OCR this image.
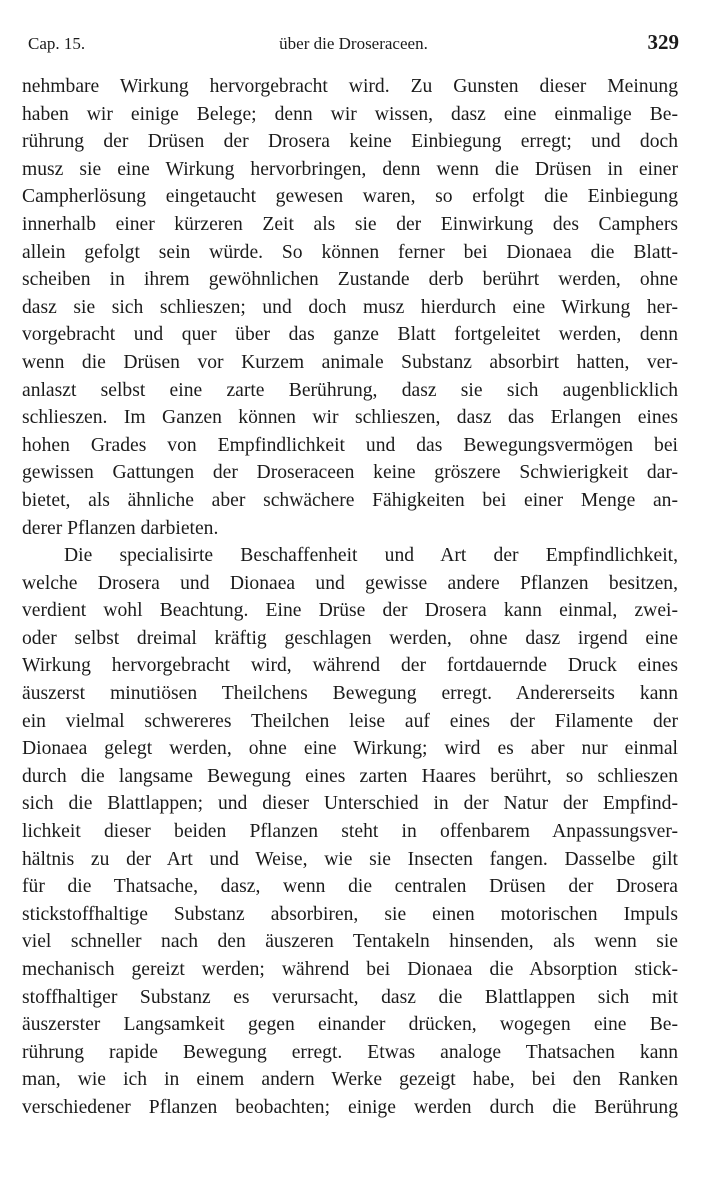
Cap. 15.	über die Droseraceen.	329
nehmbare Wirkung hervorgebracht wird. Zu Gunsten dieser Meinung
haben wir einige Belege; denn wir wissen, dasz eine einmalige Be-
rührung der Drüsen der Drosera keine Einbiegung erregt; und doch
musz sie eine Wirkung hervorbringen, denn wenn die Drüsen in einer
Campherlösung eingetaucht gewesen waren, so erfolgt die Einbiegung
innerhalb einer kürzeren Zeit als sie der Einwirkung des Camphers
allein gefolgt sein würde. So können ferner bei Dionaea die Blatt-
scheiben in ihrem gewöhnlichen Zustande derb berührt werden, ohne
dasz sie sich schlieszen; und doch musz hierdurch eine Wirkung her-
vorgebracht und quer über das ganze Blatt fortgeleitet werden, denn
wenn die Drüsen vor Kurzem animale Substanz absorbirt hatten, ver-
anlaszt selbst eine zarte Berührung, dasz sie sich augenblicklich
schlieszen. Im Ganzen können wir schlieszen, dasz das Erlangen eines
hohen Grades von Empfindlichkeit und das Bewegungsvermögen bei
gewissen Gattungen der Droseraceen keine gröszere Schwierigkeit dar-
bietet, als ähnliche aber schwächere Fähigkeiten bei einer Menge an-
derer Pflanzen darbieten.
Die specialisirte Beschaffenheit und Art der Empfindlichkeit,
welche Drosera und Dionaea und gewisse andere Pflanzen besitzen,
verdient wohl Beachtung. Eine Drüse der Drosera kann einmal, zwei-
oder selbst dreimal kräftig geschlagen werden, ohne dasz irgend eine
Wirkung hervorgebracht wird, während der fortdauernde Druck eines
äuszerst minutiösen Theilchens Bewegung erregt. Andererseits kann
ein vielmal schwereres Theilchen leise auf eines der Filamente der
Dionaea gelegt werden, ohne eine Wirkung; wird es aber nur einmal
durch die langsame Bewegung eines zarten Haares berührt, so schlieszen
sich die Blattlappen; und dieser Unterschied in der Natur der Empfind-
lichkeit dieser beiden Pflanzen steht in offenbarem Anpassungsver-
hältnis zu der Art und Weise, wie sie Insecten fangen. Dasselbe gilt
für die Thatsache, dasz, wenn die centralen Drüsen der Drosera
stickstoffhaltige Substanz absorbiren, sie einen motorischen Impuls
viel schneller nach den äuszeren Tentakeln hinsenden, als wenn sie
mechanisch gereizt werden; während bei Dionaea die Absorption stick-
stoffhaltiger Substanz es verursacht, dasz die Blattlappen sich mit
äuszerster Langsamkeit gegen einander drücken, wogegen eine Be-
rührung rapide Bewegung erregt. Etwas analoge Thatsachen kann
man, wie ich in einem andern Werke gezeigt habe, bei den Ranken
verschiedener Pflanzen beobachten; einige werden durch die Berührung
